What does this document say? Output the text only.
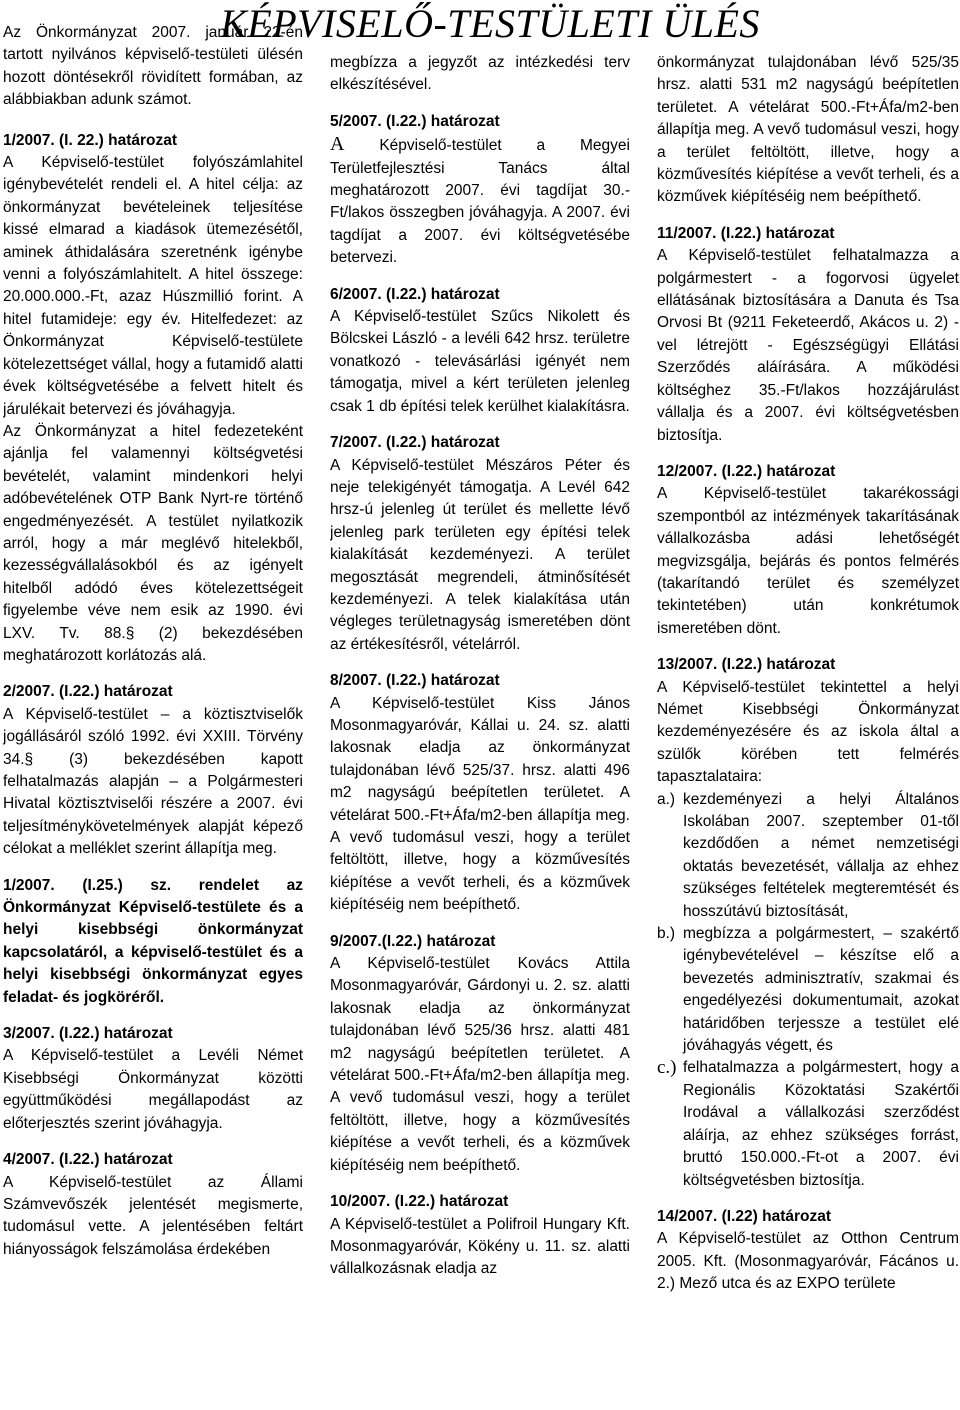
KÉPVISELŐ-TESTÜLETI ÜLÉS

Az Önkormányzat 2007. január 22-én tartott nyilvános képviselő-testületi ülésén hozott döntésekről rövidített formában, az alábbiakban adunk számot.

1/2007. (I. 22.) határozat

A Képviselő-testület folyószámlahitel igénybevételét rendeli el. A hitel célja: az önkormányzat bevételeinek teljesítése kissé elmarad a kiadások ütemezésétől, aminek áthidalására szeretnénk igénybe venni a folyószámlahitelt. A hitel összege: 20.000.000.-Ft, azaz Húszmillió forint. A hitel futamideje: egy év. Hitelfedezet: az Önkormányzat Képviselő-testülete kötelezettséget vállal, hogy a futamidő alatti évek költségvetésébe a felvett hitelt és járulékait betervezi és jóváhagyja.

Az Önkormányzat a hitel fedezeteként ajánlja fel valamennyi költségvetési bevételét, valamint mindenkori helyi adóbevételének OTP Bank Nyrt-re történő engedményezését. A testület nyilatkozik arról, hogy a már meglévő hitelekből, kezességvállalásokból és az igényelt hitelből adódó éves kötelezettségeit figyelembe véve nem esik az 1990. évi LXV. Tv. 88.§ (2) bekezdésében meghatározott korlátozás alá.

2/2007. (I.22.) határozat

A Képviselő-testület – a köztisztviselők jogállásáról szóló 1992. évi XXIII. Törvény 34.§ (3) bekezdésében kapott felhatalmazás alapján – a Polgármesteri Hivatal köztisztviselői részére a 2007. évi teljesítménykövetelmények alapját képező célokat a melléklet szerint állapítja meg.

1/2007. (I.25.) sz. rendelet az Önkormányzat Képviselő-testülete és a helyi kisebbségi önkormányzat kapcsolatáról, a képviselő-testület és a helyi kisebbségi önkormányzat egyes feladat- és jogköréről.

3/2007. (I.22.) határozat

A Képviselő-testület a Levéli Német Kisebbségi Önkormányzat közötti együttműködési megállapodást az előterjesztés szerint jóváhagyja.

4/2007. (I.22.) határozat

A Képviselő-testület az Állami Számvevőszék jelentését megismerte, tudomásul vette. A jelentésében feltárt hiányosságok felszámolása érdekében

megbízza a jegyzőt az intézkedési terv elkészítésével.

5/2007. (I.22.) határozat

A Képviselő-testület a Megyei Területfejlesztési Tanács által meghatározott 2007. évi tagdíjat 30.-Ft/lakos összegben jóváhagyja. A 2007. évi tagdíjat a 2007. évi költségvetésébe betervezi.

6/2007. (I.22.) határozat

A Képviselő-testület Szűcs Nikolett és Bölcskei László - a levéli 642 hrsz. területre vonatkozó - televásárlási igényét nem támogatja, mivel a kért területen jelenleg csak 1 db építési telek kerülhet kialakításra.

7/2007. (I.22.) határozat

A Képviselő-testület Mészáros Péter és neje telekigényét támogatja. A Levél 642 hrsz-ú jelenleg út terület és mellette lévő jelenleg park területen egy építési telek kialakítását kezdeményezi. A terület megosztását megrendeli, átminősítését kezdeményezi. A telek kialakítása után végleges területnagyság ismeretében dönt az értékesítésről, vételárról.

8/2007. (I.22.) határozat

A Képviselő-testület Kiss János Mosonmagyaróvár, Kállai u. 24. sz. alatti lakosnak eladja az önkormányzat tulajdonában lévő 525/37. hrsz. alatti 496 m2 nagyságú beépítetlen területet. A vételárat 500.-Ft+Áfa/m2-ben állapítja meg. A vevő tudomásul veszi, hogy a terület feltöltött, illetve, hogy a közművesítés kiépítése a vevőt terheli, és a közművek kiépítéséig nem beépíthető.

9/2007.(I.22.) határozat

A Képviselő-testület Kovács Attila Mosonmagyaróvár, Gárdonyi u. 2. sz. alatti lakosnak eladja az önkormányzat tulajdonában lévő 525/36 hrsz. alatti 481 m2 nagyságú beépítetlen területet. A vételárat 500.-Ft+Áfa/m2-ben állapítja meg. A vevő tudomásul veszi, hogy a terület feltöltött, illetve, hogy a közművesítés kiépítése a vevőt terheli, és a közművek kiépítéséig nem beépíthető.

10/2007. (I.22.) határozat

A Képviselő-testület a Polifroil Hungary Kft. Mosonmagyaróvár, Kökény u. 11. sz. alatti vállalkozásnak eladja az

önkormányzat tulajdonában lévő 525/35 hrsz. alatti 531 m2 nagyságú beépítetlen területet. A vételárat 500.-Ft+Áfa/m2-ben állapítja meg. A vevő tudomásul veszi, hogy a terület feltöltött, illetve, hogy a közművesítés kiépítése a vevőt terheli, és a közművek kiépítéséig nem beépíthető.

11/2007. (I.22.) határozat

A Képviselő-testület felhatalmazza a polgármestert - a fogorvosi ügyelet ellátásának biztosítására a Danuta és Tsa Orvosi Bt (9211 Feketeerdő, Akácos u. 2) -vel létrejött - Egészségügyi Ellátási Szerződés aláírására. A működési költséghez 35.-Ft/lakos hozzájárulást vállalja és a 2007. évi költségvetésben biztosítja.

12/2007. (I.22.) határozat

A Képviselő-testület takarékossági szempontból az intézmények takarításának vállalkozásba adási lehetőségét megvizsgálja, bejárás és pontos felmérés (takarítandó terület és személyzet tekintetében) után konkrétumok ismeretében dönt.

13/2007. (I.22.) határozat

A Képviselő-testület tekintettel a helyi Német Kisebbségi Önkormányzat kezdeményezésére és az iskola által a szülők körében tett felmérés tapasztalataira:

a.) kezdeményezi a helyi Általános Iskolában 2007. szeptember 01-től kezdődően a német nemzetiségi oktatás bevezetését, vállalja az ehhez szükséges feltételek megteremtését és hosszútávú biztosítását,
b.) megbízza a polgármestert, – szakértő igénybevételével – készítse elő a bevezetés adminisztratív, szakmai és engedélyezési dokumentumait, azokat határidőben terjessze a testület elé jóváhagyás végett, és
c.) felhatalmazza a polgármestert, hogy a Regionális Közoktatási Szakértői Irodával a vállalkozási szerződést aláírja, az ehhez szükséges forrást, bruttó 150.000.-Ft-ot a 2007. évi költségvetésben biztosítja.

14/2007. (I.22) határozat

A Képviselő-testület az Otthon Centrum 2005. Kft. (Mosonmagyaróvár, Fácános u. 2.) Mező utca és az EXPO területe
